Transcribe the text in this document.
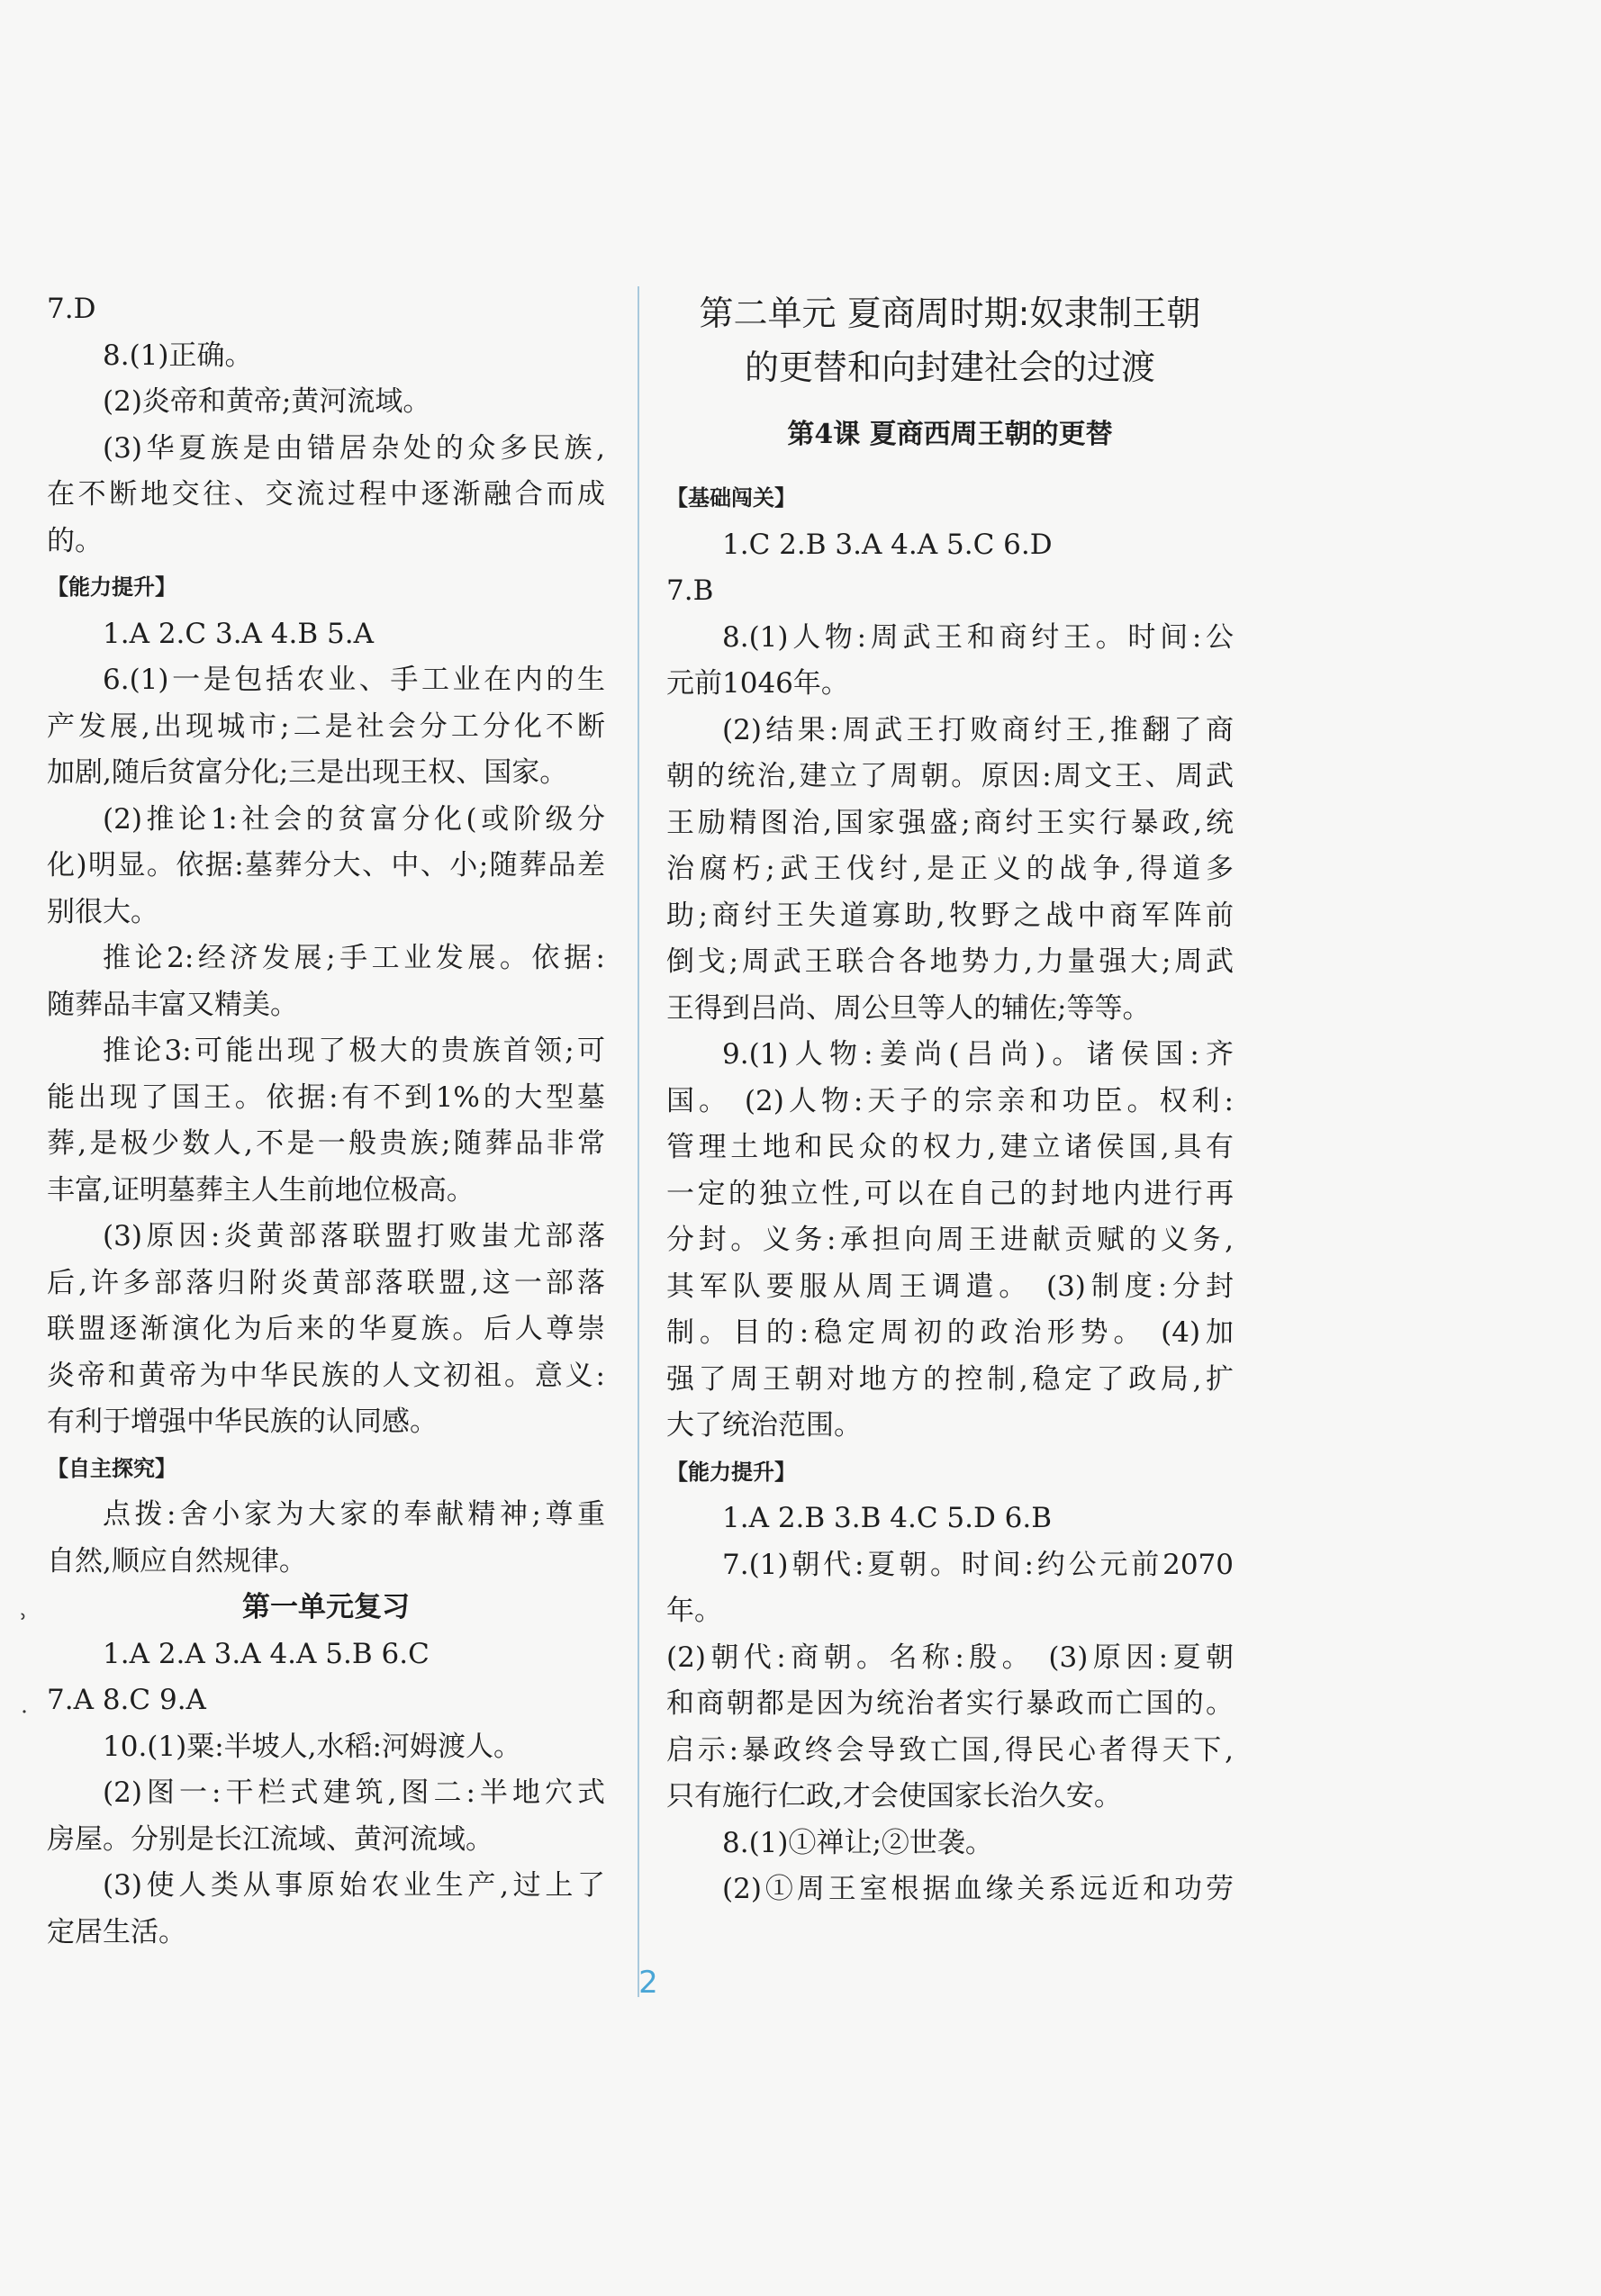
7.D
8.(1)正确。
(2)炎帝和黄帝;黄河流域。
(3)华夏族是由错居杂处的众多民族,
在不断地交往、交流过程中逐渐融合而成
的。
【能力提升】
1.A 2.C 3.A 4.B 5.A
6.(1)一是包括农业、手工业在内的生
产发展,出现城市;二是社会分工分化不断
加剧,随后贫富分化;三是出现王权、国家。
(2)推论1:社会的贫富分化(或阶级分
化)明显。依据:墓葬分大、中、小;随葬品差
别很大。
推论2:经济发展;手工业发展。依据:
随葬品丰富又精美。
推论3:可能出现了极大的贵族首领;可
能出现了国王。依据:有不到1%的大型墓
葬,是极少数人,不是一般贵族;随葬品非常
丰富,证明墓葬主人生前地位极高。
(3)原因:炎黄部落联盟打败蚩尤部落
后,许多部落归附炎黄部落联盟,这一部落
联盟逐渐演化为后来的华夏族。后人尊崇
炎帝和黄帝为中华民族的人文初祖。意义:
有利于增强中华民族的认同感。
【自主探究】
点拨:舍小家为大家的奉献精神;尊重
自然,顺应自然规律。
第一单元复习
1.A 2.A 3.A 4.A 5.B 6.C
7.A 8.C 9.A
10.(1)粟:半坡人,水稻:河姆渡人。
(2)图一:干栏式建筑,图二:半地穴式
房屋。分别是长江流域、黄河流域。
(3)使人类从事原始农业生产,过上了
定居生活。
第二单元 夏商周时期:奴隶制王朝
的更替和向封建社会的过渡
第4课 夏商西周王朝的更替
【基础闯关】
1.C 2.B 3.A 4.A 5.C 6.D
7.B
8.(1)人物:周武王和商纣王。时间:公
元前1046年。
(2)结果:周武王打败商纣王,推翻了商
朝的统治,建立了周朝。原因:周文王、周武
王励精图治,国家强盛;商纣王实行暴政,统
治腐朽;武王伐纣,是正义的战争,得道多
助;商纣王失道寡助,牧野之战中商军阵前
倒戈;周武王联合各地势力,力量强大;周武
王得到吕尚、周公旦等人的辅佐;等等。
9.(1)人物:姜尚(吕尚)。诸侯国:齐
国。 (2)人物:天子的宗亲和功臣。权利:
管理土地和民众的权力,建立诸侯国,具有
一定的独立性,可以在自己的封地内进行再
分封。义务:承担向周王进献贡赋的义务,
其军队要服从周王调遣。 (3)制度:分封
制。目的:稳定周初的政治形势。 (4)加
强了周王朝对地方的控制,稳定了政局,扩
大了统治范围。
【能力提升】
1.A 2.B 3.B 4.C 5.D 6.B
7.(1)朝代:夏朝。时间:约公元前2070
年。
(2)朝代:商朝。名称:殷。 (3)原因:夏朝
和商朝都是因为统治者实行暴政而亡国的。
启示:暴政终会导致亡国,得民心者得天下,
只有施行仁政,才会使国家长治久安。
8.(1)①禅让;②世袭。
(2)①周王室根据血缘关系远近和功劳
˒
˙
2
